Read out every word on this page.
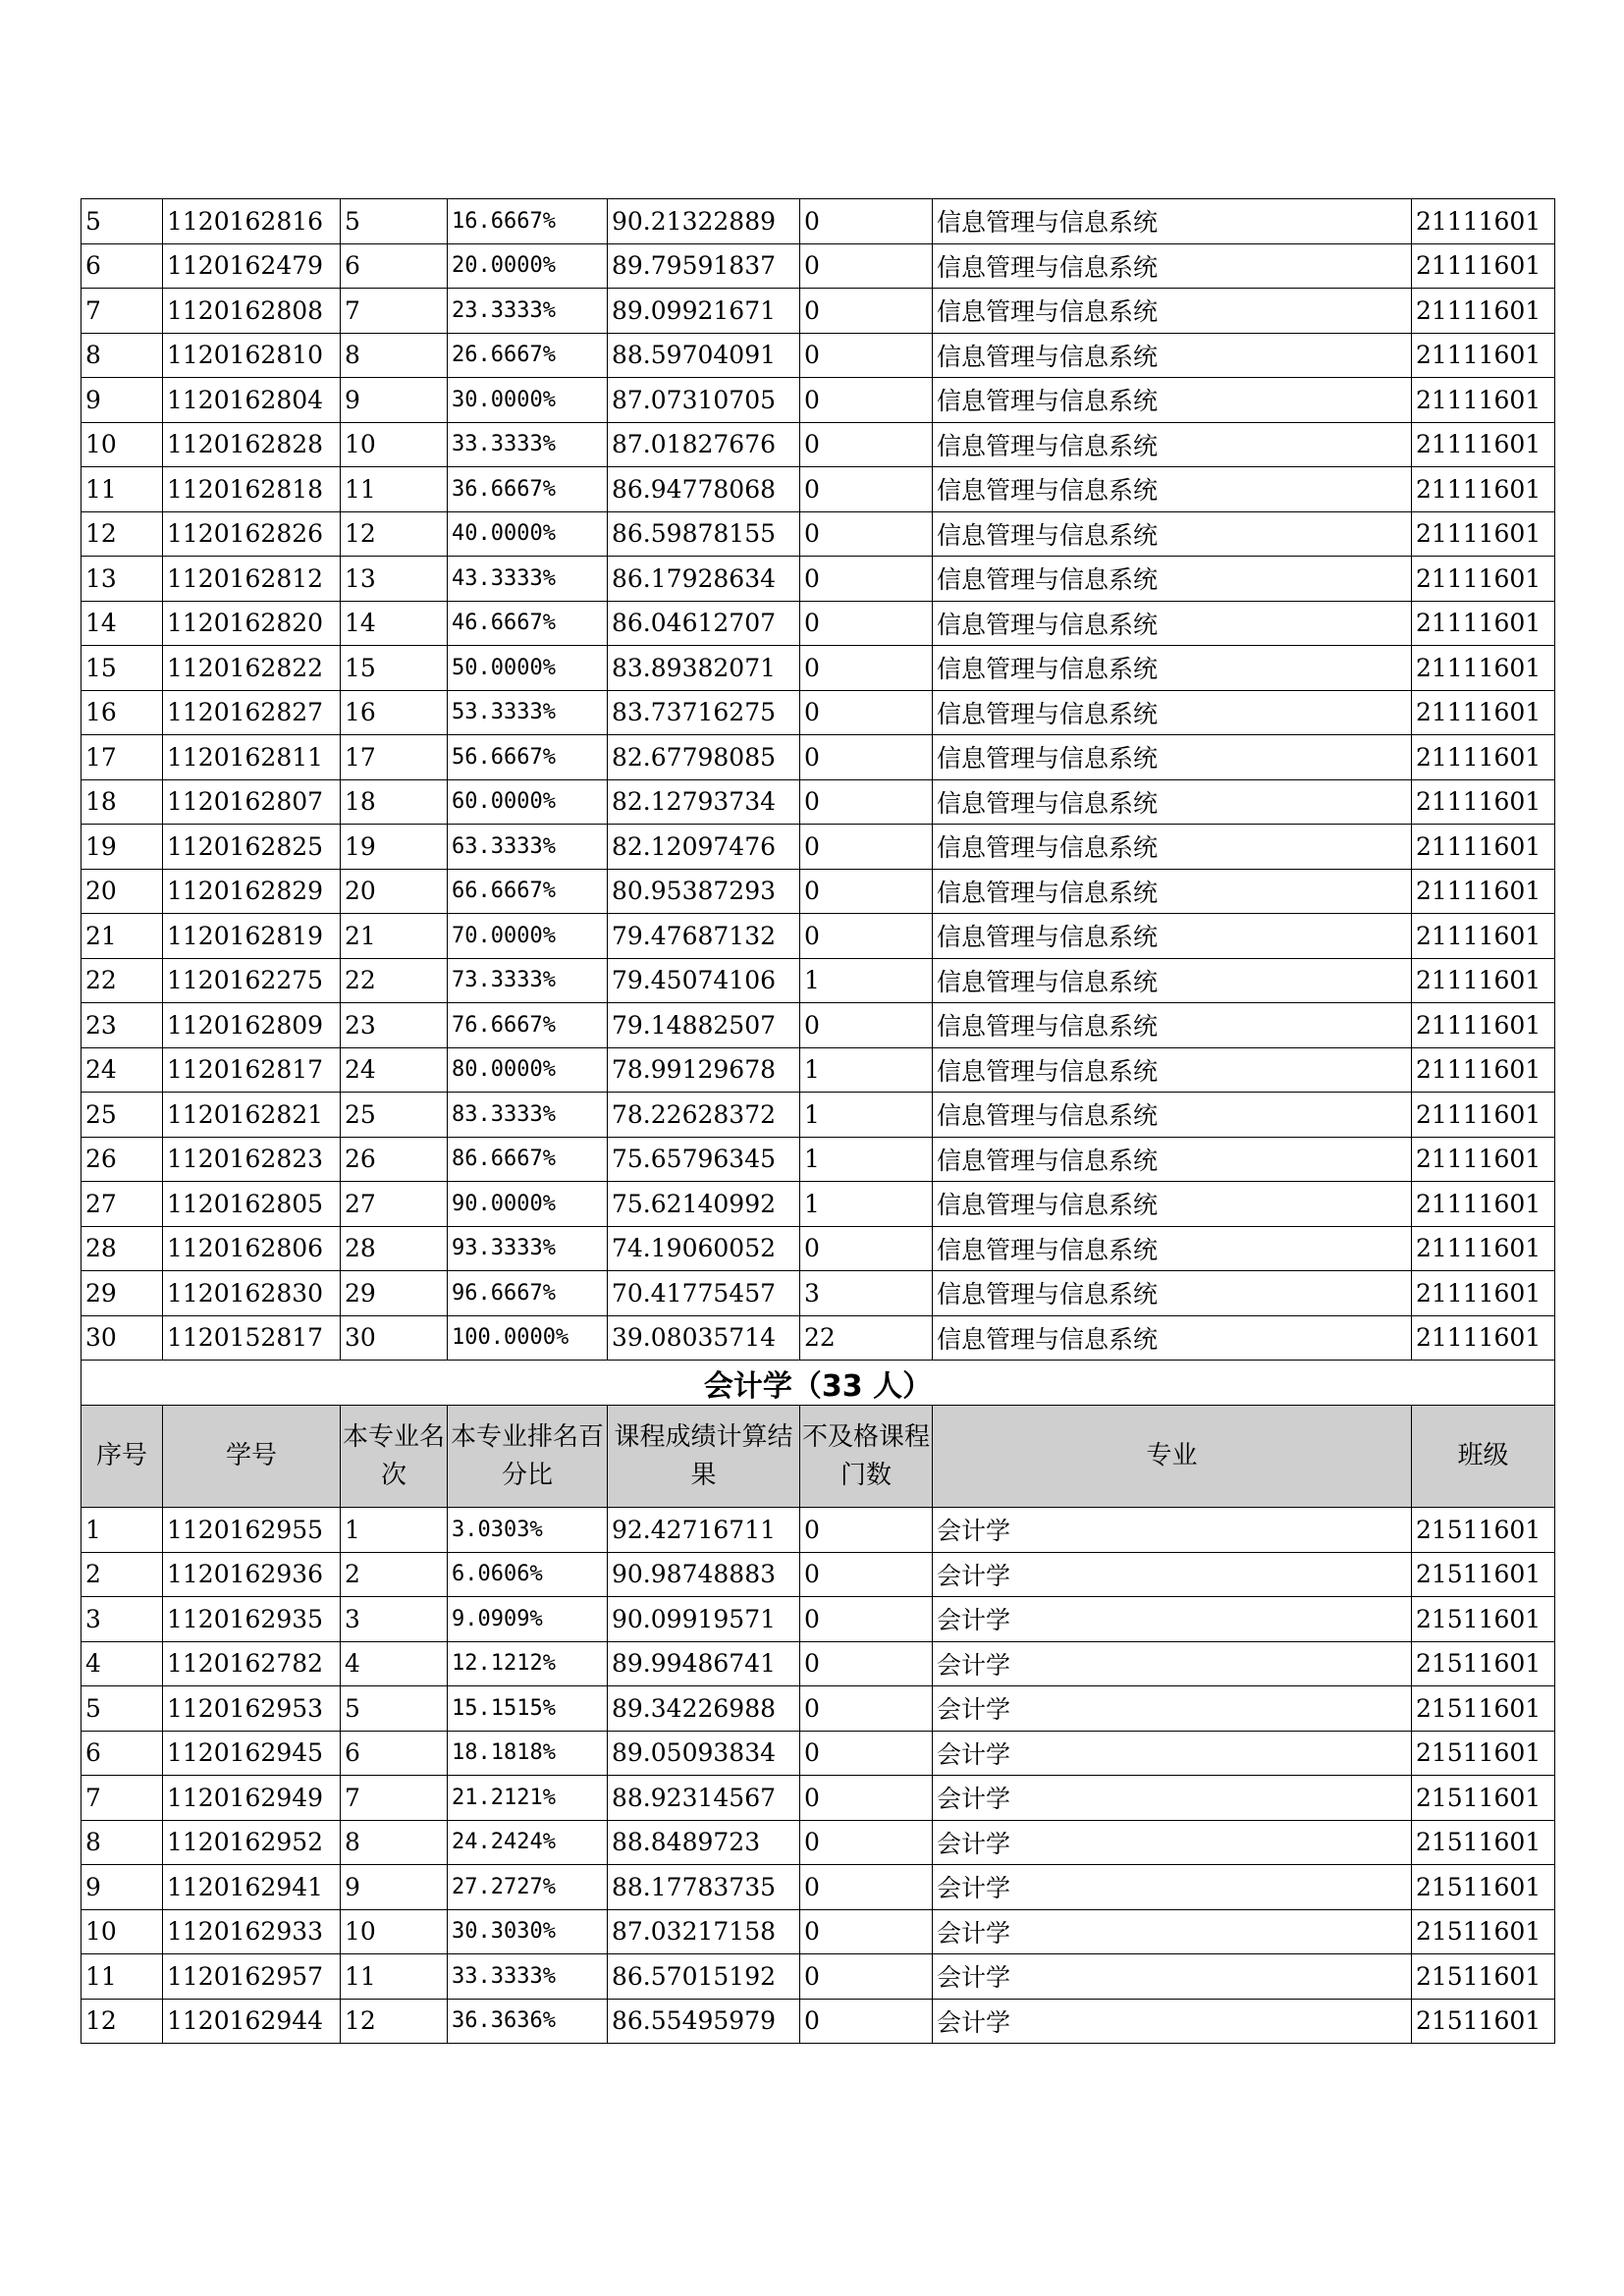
5	1120162816	5	16.6667%	90.21322889	0	信息管理与信息系统	21111601
6	1120162479	6	20.0000%	89.79591837	0	信息管理与信息系统	21111601
7	1120162808	7	23.3333%	89.09921671	0	信息管理与信息系统	21111601
8	1120162810	8	26.6667%	88.59704091	0	信息管理与信息系统	21111601
9	1120162804	9	30.0000%	87.07310705	0	信息管理与信息系统	21111601
10	1120162828	10	33.3333%	87.01827676	0	信息管理与信息系统	21111601
11	1120162818	11	36.6667%	86.94778068	0	信息管理与信息系统	21111601
12	1120162826	12	40.0000%	86.59878155	0	信息管理与信息系统	21111601
13	1120162812	13	43.3333%	86.17928634	0	信息管理与信息系统	21111601
14	1120162820	14	46.6667%	86.04612707	0	信息管理与信息系统	21111601
15	1120162822	15	50.0000%	83.89382071	0	信息管理与信息系统	21111601
16	1120162827	16	53.3333%	83.73716275	0	信息管理与信息系统	21111601
17	1120162811	17	56.6667%	82.67798085	0	信息管理与信息系统	21111601
18	1120162807	18	60.0000%	82.12793734	0	信息管理与信息系统	21111601
19	1120162825	19	63.3333%	82.12097476	0	信息管理与信息系统	21111601
20	1120162829	20	66.6667%	80.95387293	0	信息管理与信息系统	21111601
21	1120162819	21	70.0000%	79.47687132	0	信息管理与信息系统	21111601
22	1120162275	22	73.3333%	79.45074106	1	信息管理与信息系统	21111601
23	1120162809	23	76.6667%	79.14882507	0	信息管理与信息系统	21111601
24	1120162817	24	80.0000%	78.99129678	1	信息管理与信息系统	21111601
25	1120162821	25	83.3333%	78.22628372	1	信息管理与信息系统	21111601
26	1120162823	26	86.6667%	75.65796345	1	信息管理与信息系统	21111601
27	1120162805	27	90.0000%	75.62140992	1	信息管理与信息系统	21111601
28	1120162806	28	93.3333%	74.19060052	0	信息管理与信息系统	21111601
29	1120162830	29	96.6667%	70.41775457	3	信息管理与信息系统	21111601
30	1120152817	30	100.0000%	39.08035714	22	信息管理与信息系统	21111601
会计学（33 人）							
序号	学号	本专业名次	本专业排名百分比	课程成绩计算结果	不及格课程门数	专业	班级
1	1120162955	1	3.0303%	92.42716711	0	会计学	21511601
2	1120162936	2	6.0606%	90.98748883	0	会计学	21511601
3	1120162935	3	9.0909%	90.09919571	0	会计学	21511601
4	1120162782	4	12.1212%	89.99486741	0	会计学	21511601
5	1120162953	5	15.1515%	89.34226988	0	会计学	21511601
6	1120162945	6	18.1818%	89.05093834	0	会计学	21511601
7	1120162949	7	21.2121%	88.92314567	0	会计学	21511601
8	1120162952	8	24.2424%	88.8489723	0	会计学	21511601
9	1120162941	9	27.2727%	88.17783735	0	会计学	21511601
10	1120162933	10	30.3030%	87.03217158	0	会计学	21511601
11	1120162957	11	33.3333%	86.57015192	0	会计学	21511601
12	1120162944	12	36.3636%	86.55495979	0	会计学	21511601
